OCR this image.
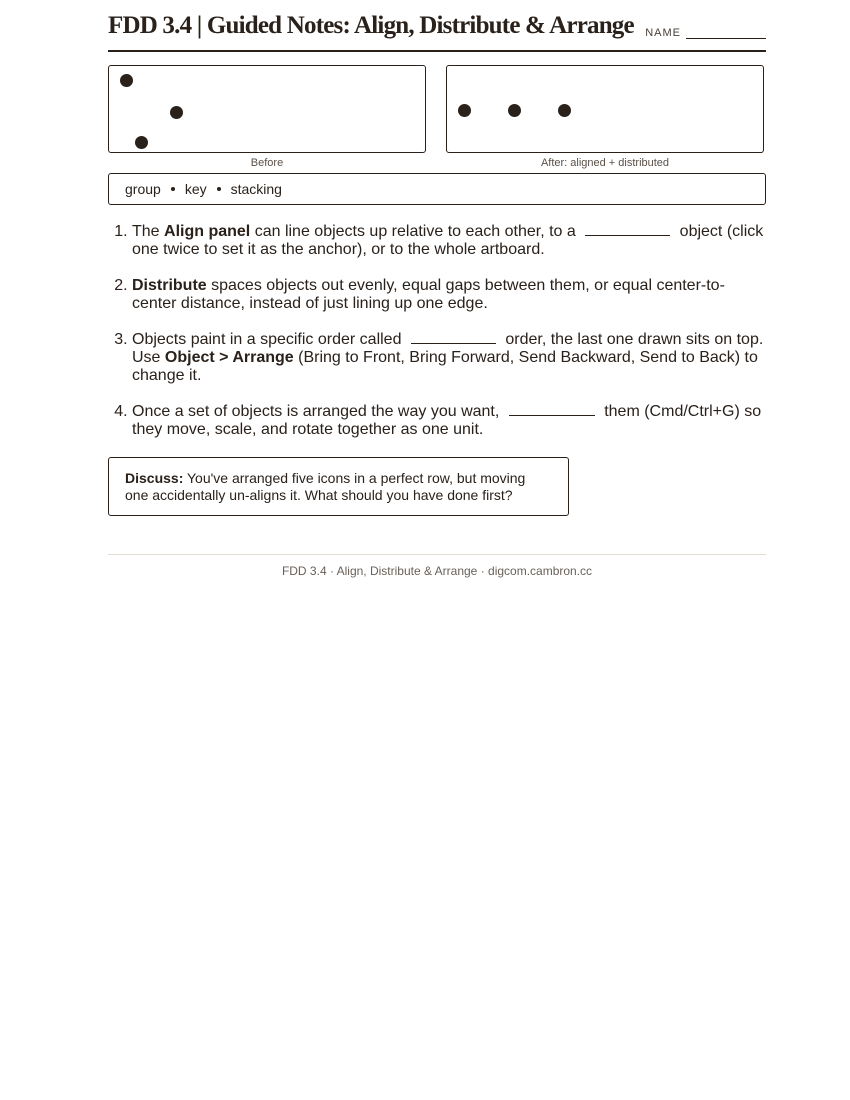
FDD 3.4 | Guided Notes: Align, Distribute & Arrange NAME
Before	After: aligned + distributed
group key stacking
1. The Align panel can line objects up relative to each other, to a	object (click one twice to set it as the anchor), or to the whole artboard.
2. Distribute spaces objects out evenly, equal gaps between them, or equal center-to-center distance, instead of just lining up one edge.
3. Objects paint in a specific order called	order, the last one drawn sits on top. Use Object > Arrange (Bring to Front, Bring Forward, Send Backward, Send to Back) to change it.
4. Once a set of objects is arranged the way you want,	them (Cmd/Ctrl+G) so they move, scale, and rotate together as one unit.
Discuss: You've arranged five icons in a perfect row, but moving one accidentally un-aligns it. What should you have done first?
FDD 3.4 · Align, Distribute & Arrange · digcom.cambron.cc
